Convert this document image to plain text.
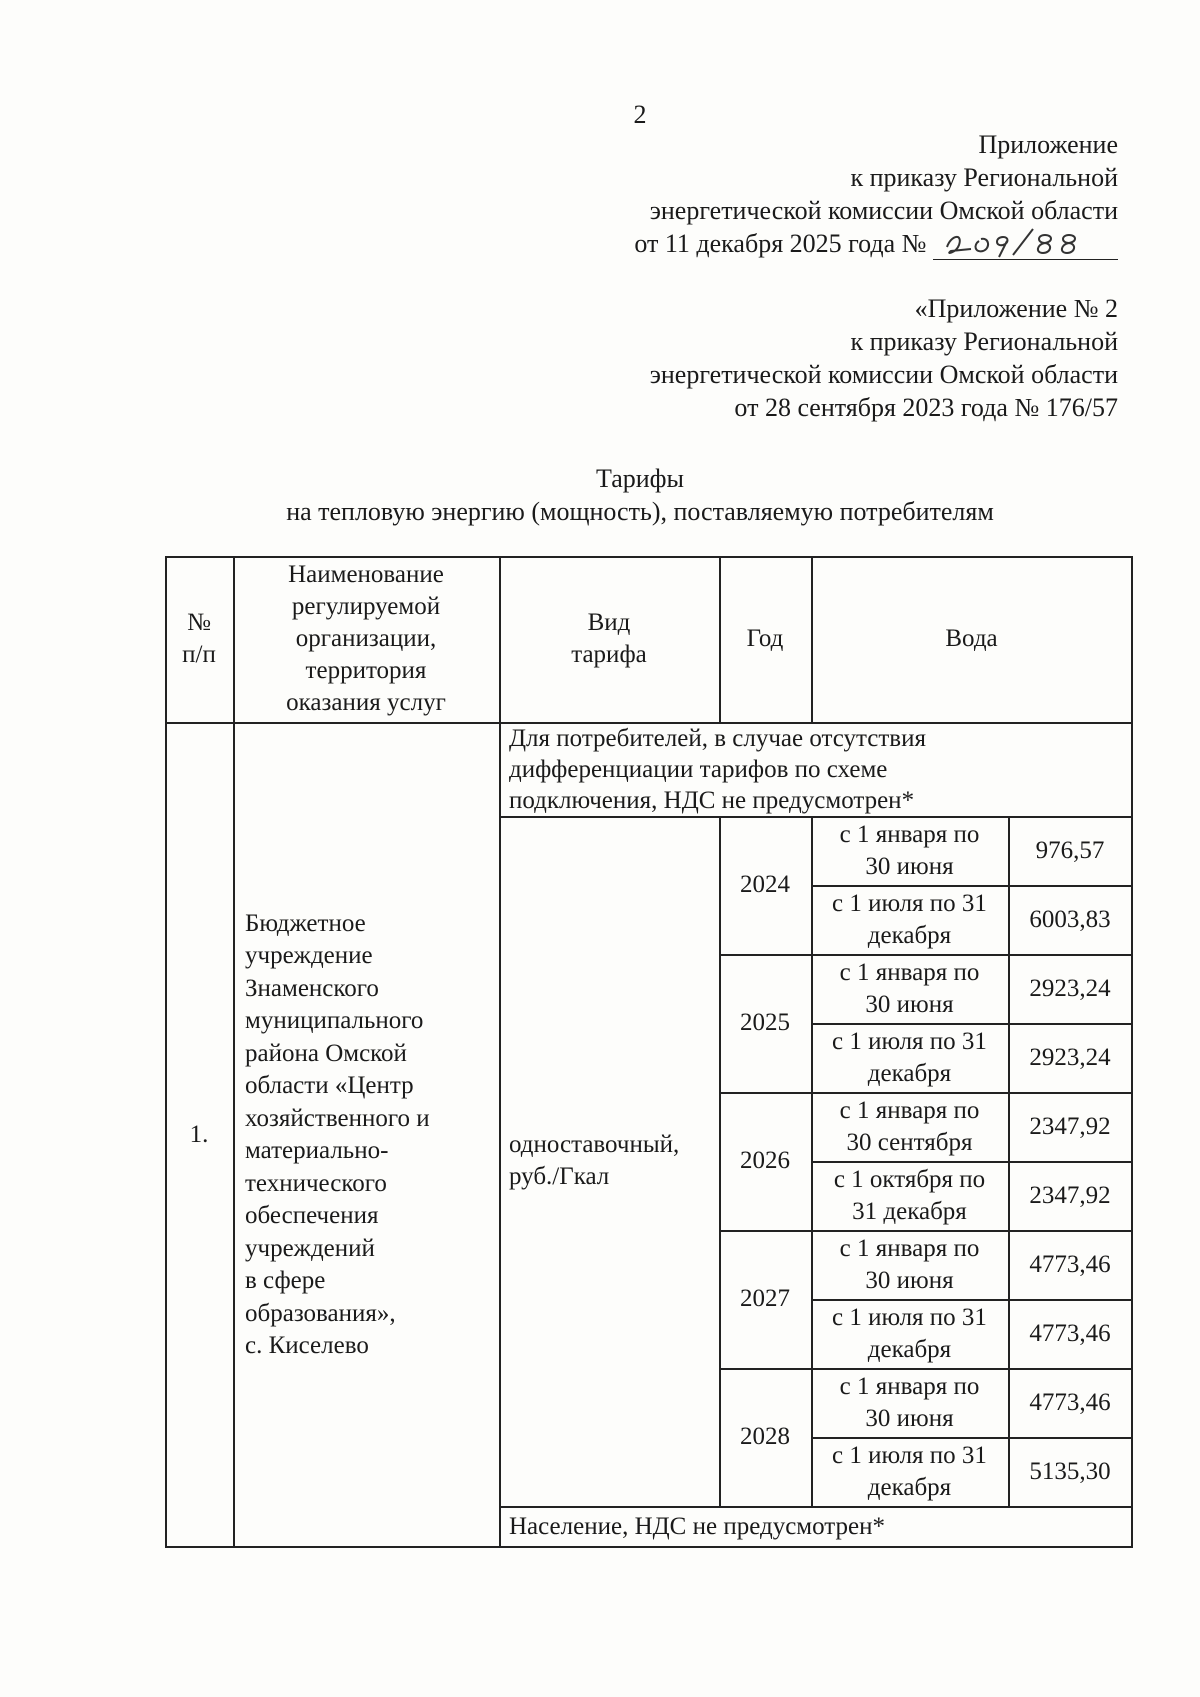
2
Приложение
к приказу Региональной
энергетической комиссии Омской области
от 11 декабря 2025 года №
«Приложение № 2
к приказу Региональной
энергетической комиссии Омской области
от 28 сентября 2023 года № 176/57
Тарифы
на тепловую энергию (мощность), поставляемую потребителям
№
п/п
Наименование
регулируемой
организации,
территория
оказания услуг
Вид
тарифа
Год	Вода
1.
Бюджетное
учреждение
Знаменского
муниципального
района Омской
области «Центр
хозяйственного и
материально-
технического
обеспечения
учреждений
в сфере
образования»,
с. Киселево
Для потребителей, в случае отсутствия
дифференциации тарифов по схеме
подключения, НДС не предусмотрен*
одноставочный,
руб./Гкал
2024
с 1 января по
30 июня
976,57
с 1 июля по 31
декабря
6003,83
2025
с 1 января по
30 июня
2923,24
с 1 июля по 31
декабря
2923,24
2026
с 1 января по
30 сентября
2347,92
с 1 октября по
31 декабря
2347,92
2027
с 1 января по
30 июня
4773,46
с 1 июля по 31
декабря
4773,46
2028
с 1 января по
30 июня
4773,46
с 1 июля по 31
декабря
5135,30
Население, НДС не предусмотрен*
